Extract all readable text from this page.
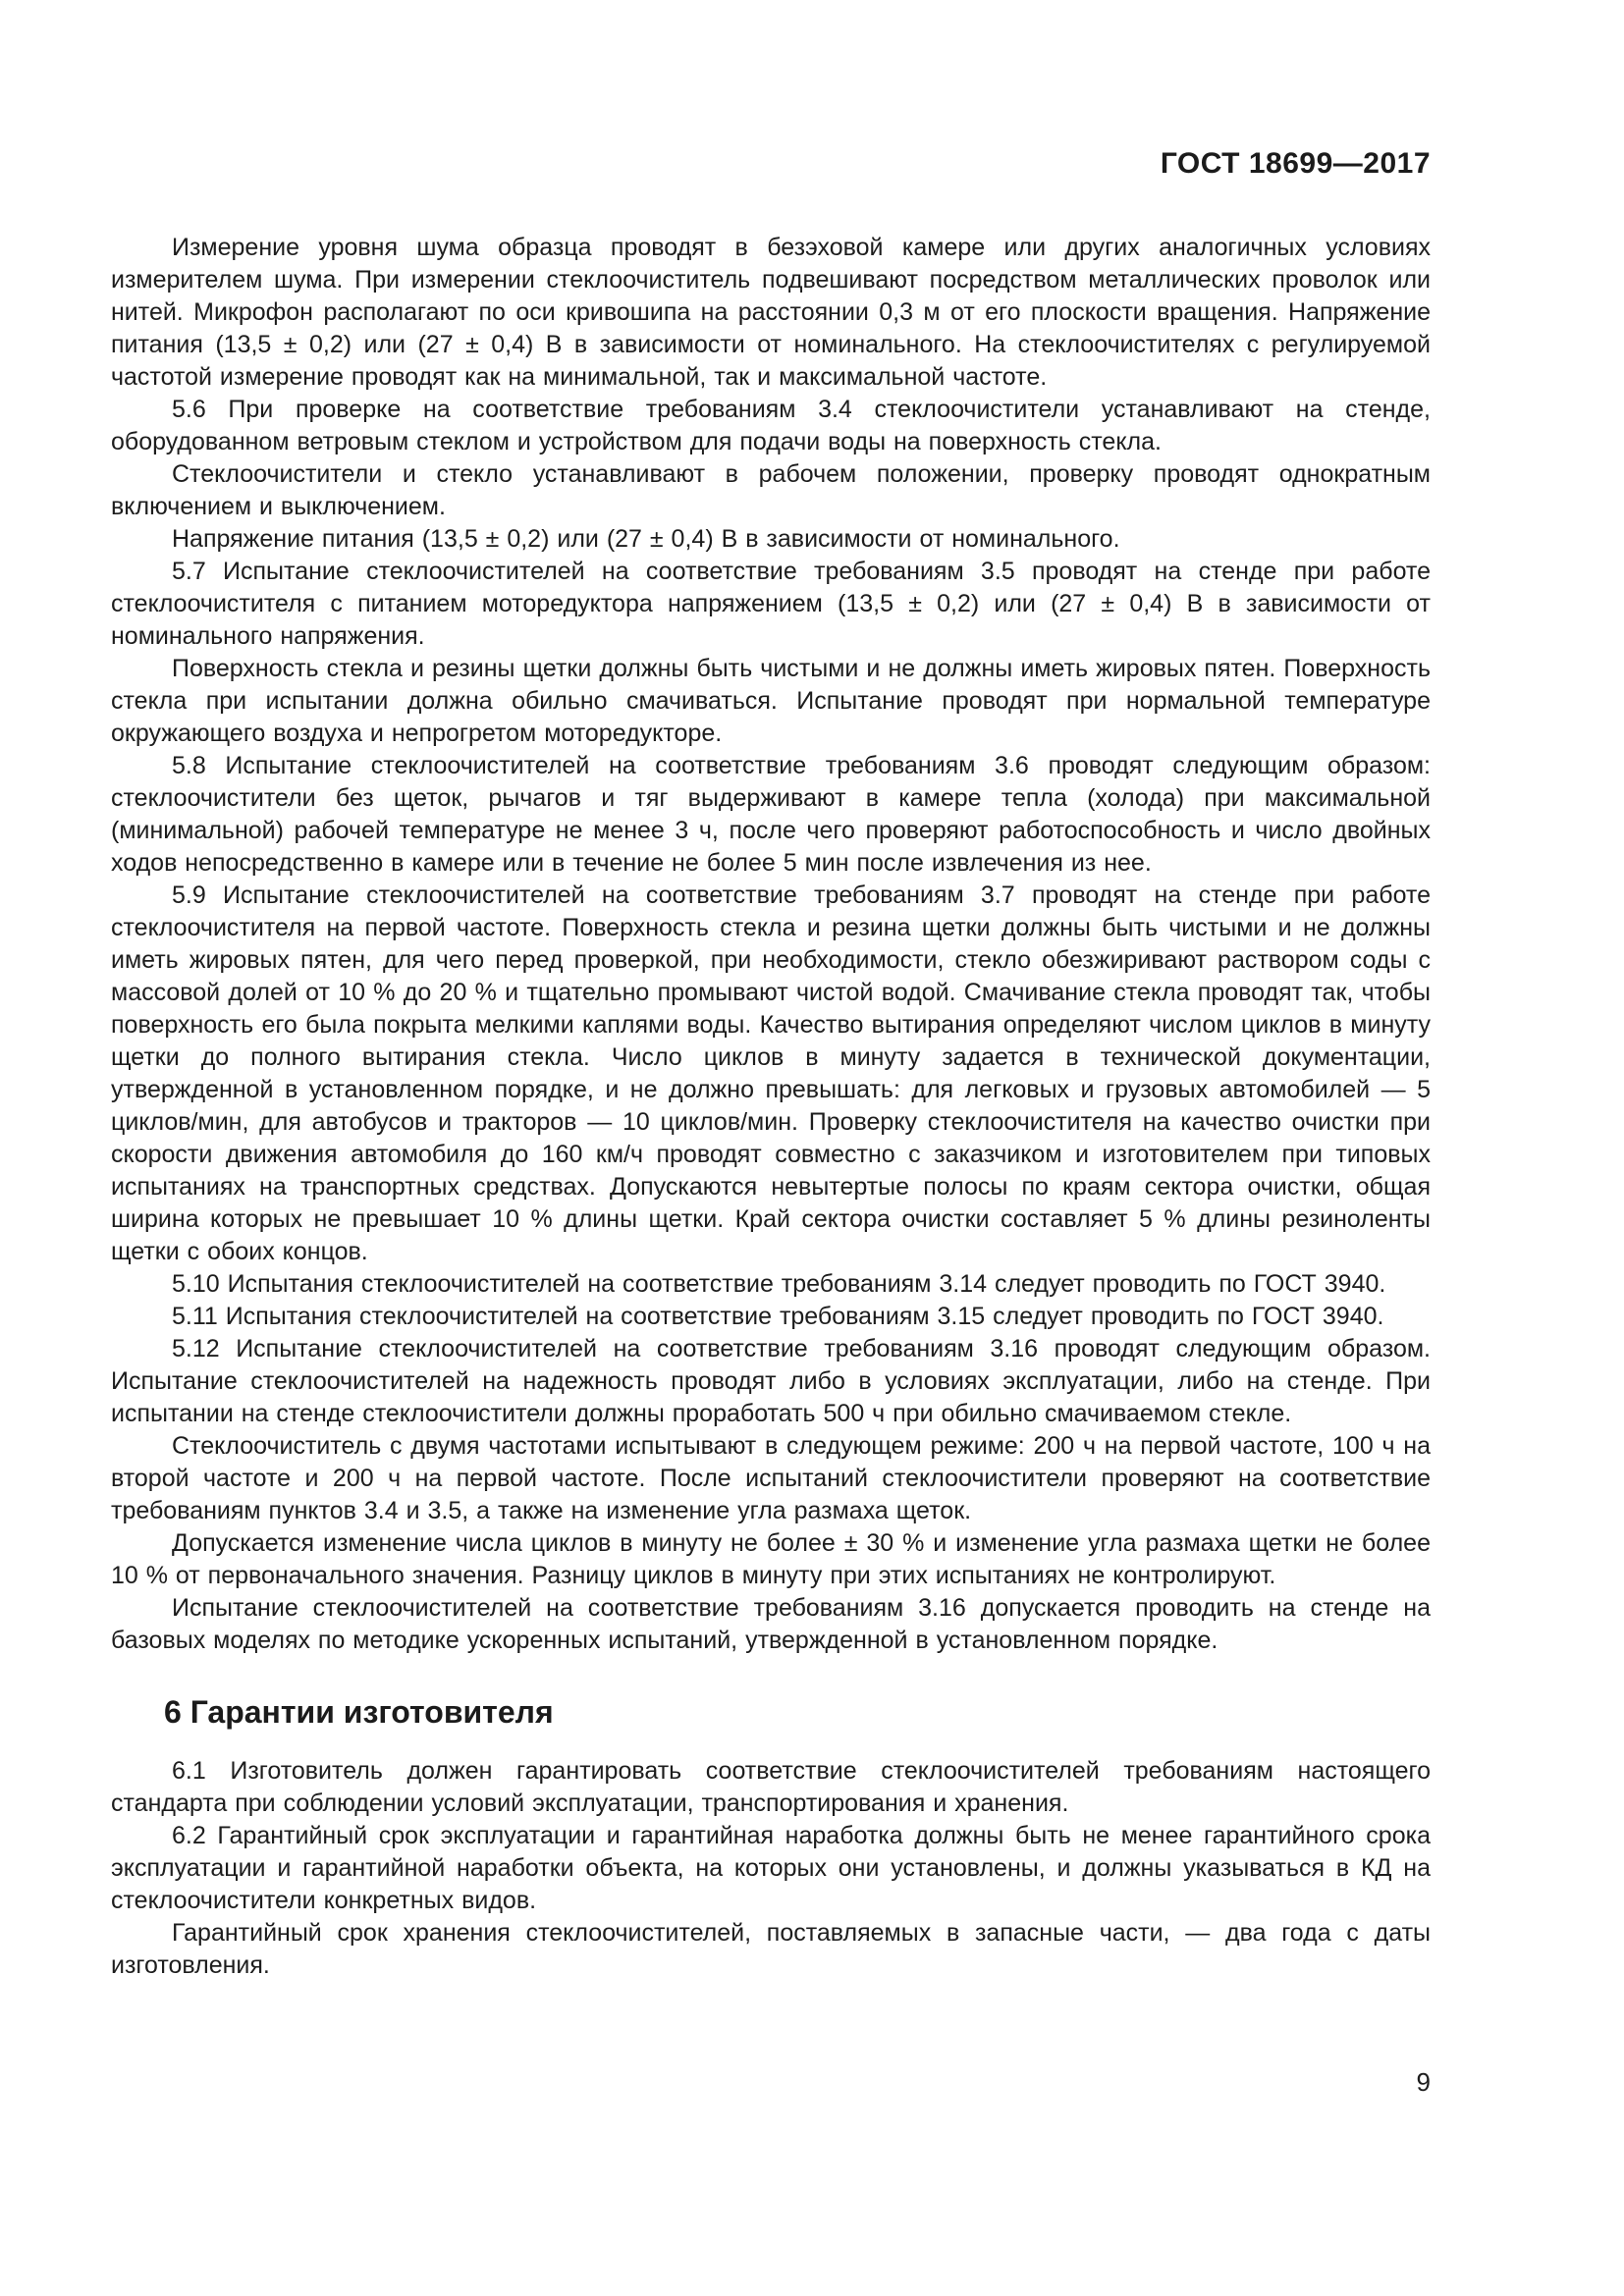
ГОСТ 18699—2017

Измерение уровня шума образца проводят в безэховой камере или других аналогичных условиях измерителем шума. При измерении стеклоочиститель подвешивают посредством металлических проволок или нитей. Микрофон располагают по оси кривошипа на расстоянии 0,3 м от его плоскости вращения. Напряжение питания (13,5 ± 0,2) или (27 ± 0,4) В в зависимости от номинального. На стеклоочистителях с регулируемой частотой измерение проводят как на минимальной, так и максимальной частоте.

5.6 При проверке на соответствие требованиям 3.4 стеклоочистители устанавливают на стенде, оборудованном ветровым стеклом и устройством для подачи воды на поверхность стекла.

Стеклоочистители и стекло устанавливают в рабочем положении, проверку проводят однократным включением и выключением.

Напряжение питания (13,5 ± 0,2) или (27 ± 0,4) В в зависимости от номинального.

5.7 Испытание стеклоочистителей на соответствие требованиям 3.5 проводят на стенде при работе стеклоочистителя с питанием моторедуктора напряжением (13,5 ± 0,2) или (27 ± 0,4) В в зависимости от номинального напряжения.

Поверхность стекла и резины щетки должны быть чистыми и не должны иметь жировых пятен. Поверхность стекла при испытании должна обильно смачиваться. Испытание проводят при нормальной температуре окружающего воздуха и непрогретом моторедукторе.

5.8 Испытание стеклоочистителей на соответствие требованиям 3.6 проводят следующим образом: стеклоочистители без щеток, рычагов и тяг выдерживают в камере тепла (холода) при максимальной (минимальной) рабочей температуре не менее 3 ч, после чего проверяют работоспособность и число двойных ходов непосредственно в камере или в течение не более 5 мин после извлечения из нее.

5.9 Испытание стеклоочистителей на соответствие требованиям 3.7 проводят на стенде при работе стеклоочистителя на первой частоте. Поверхность стекла и резина щетки должны быть чистыми и не должны иметь жировых пятен, для чего перед проверкой, при необходимости, стекло обезжиривают раствором соды с массовой долей от 10 % до 20 % и тщательно промывают чистой водой. Смачивание стекла проводят так, чтобы поверхность его была покрыта мелкими каплями воды. Качество вытирания определяют числом циклов в минуту щетки до полного вытирания стекла. Число циклов в минуту задается в технической документации, утвержденной в установленном порядке, и не должно превышать: для легковых и грузовых автомобилей — 5 циклов/мин, для автобусов и тракторов — 10 циклов/мин. Проверку стеклоочистителя на качество очистки при скорости движения автомобиля до 160 км/ч проводят совместно с заказчиком и изготовителем при типовых испытаниях на транспортных средствах. Допускаются невытертые полосы по краям сектора очистки, общая ширина которых не превышает 10 % длины щетки. Край сектора очистки составляет 5 % длины резиноленты щетки с обоих концов.

5.10 Испытания стеклоочистителей на соответствие требованиям 3.14 следует проводить по ГОСТ 3940.

5.11 Испытания стеклоочистителей на соответствие требованиям 3.15 следует проводить по ГОСТ 3940.

5.12 Испытание стеклоочистителей на соответствие требованиям 3.16 проводят следующим образом. Испытание стеклоочистителей на надежность проводят либо в условиях эксплуатации, либо на стенде. При испытании на стенде стеклоочистители должны проработать 500 ч при обильно смачиваемом стекле.

Стеклоочиститель с двумя частотами испытывают в следующем режиме: 200 ч на первой частоте, 100 ч на второй частоте и 200 ч на первой частоте. После испытаний стеклоочистители проверяют на соответствие требованиям пунктов 3.4 и 3.5, а также на изменение угла размаха щеток.

Допускается изменение числа циклов в минуту не более ± 30 % и изменение угла размаха щетки не более 10 % от первоначального значения. Разницу циклов в минуту при этих испытаниях не контролируют.

Испытание стеклоочистителей на соответствие требованиям 3.16 допускается проводить на стенде на базовых моделях по методике ускоренных испытаний, утвержденной в установленном порядке.

6 Гарантии изготовителя

6.1 Изготовитель должен гарантировать соответствие стеклоочистителей требованиям настоящего стандарта при соблюдении условий эксплуатации, транспортирования и хранения.

6.2 Гарантийный срок эксплуатации и гарантийная наработка должны быть не менее гарантийного срока эксплуатации и гарантийной наработки объекта, на которых они установлены, и должны указываться в КД на стеклоочистители конкретных видов.

Гарантийный срок хранения стеклоочистителей, поставляемых в запасные части, — два года с даты изготовления.

9
